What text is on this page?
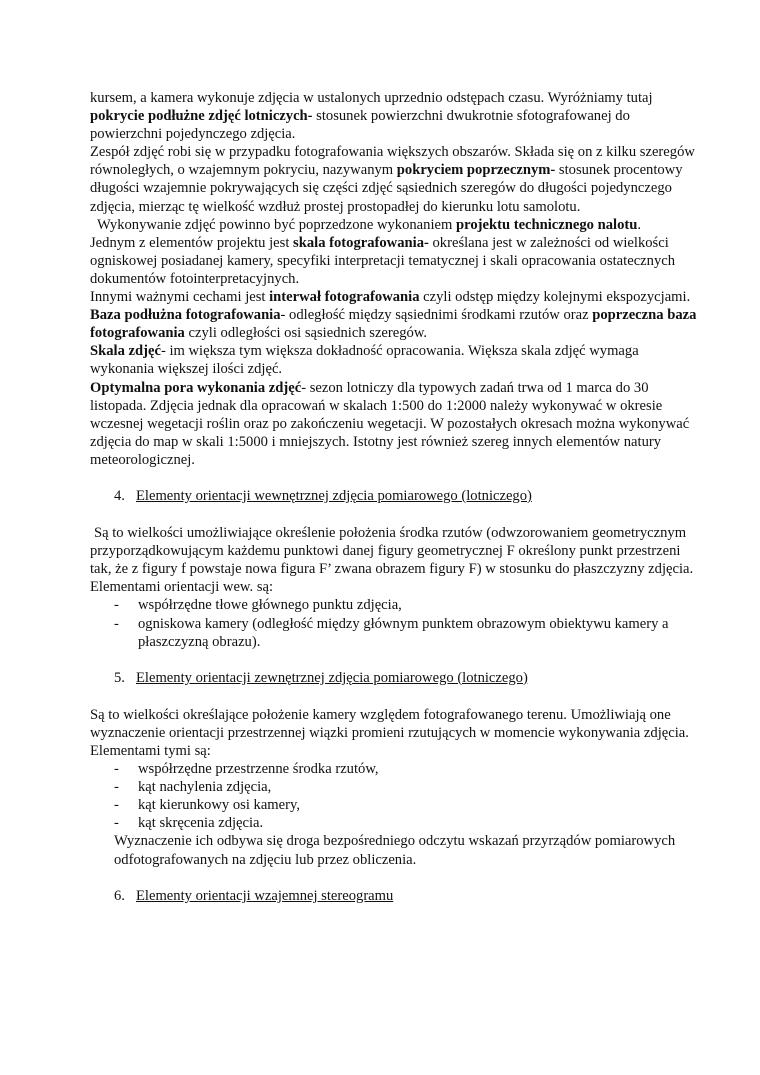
kursem, a kamera wykonuje zdjęcia w ustalonych uprzednio odstępach czasu. Wyróżniamy tutaj pokrycie podłużne zdjęć lotniczych- stosunek powierzchni dwukrotnie sfotografowanej do powierzchni pojedynczego zdjęcia.

Zespół zdjęć robi się w przypadku fotografowania większych obszarów. Składa się on z kilku szeregów równoległych, o wzajemnym pokryciu, nazywanym pokryciem poprzecznym- stosunek procentowy długości wzajemnie pokrywających się części zdjęć sąsiednich szeregów do długości pojedynczego zdjęcia, mierząc tę wielkość wzdłuż prostej prostopadłej do kierunku lotu samolotu.

Wykonywanie zdjęć powinno być poprzedzone wykonaniem projektu technicznego nalotu.

Jednym z elementów projektu jest skala fotografowania- określana jest w zależności od wielkości ogniskowej posiadanej kamery, specyfiki interpretacji tematycznej i skali opracowania ostatecznych dokumentów fotointerpretacyjnych.

Innymi ważnymi cechami jest interwał fotografowania czyli odstęp między kolejnymi ekspozycjami. Baza podłużna fotografowania- odległość między sąsiednimi środkami rzutów oraz poprzeczna baza fotografowania czyli odległości osi sąsiednich szeregów.

Skala zdjęć- im większa tym większa dokładność opracowania. Większa skala zdjęć wymaga wykonania większej ilości zdjęć.

Optymalna pora wykonania zdjęć- sezon lotniczy dla typowych zadań trwa od 1 marca do 30 listopada. Zdjęcia jednak dla opracowań w skalach 1:500 do 1:2000 należy wykonywać w okresie wczesnej wegetacji roślin oraz po zakończeniu wegetacji. W pozostałych okresach można wykonywać zdjęcia do map w skali 1:5000 i mniejszych. Istotny jest również szereg innych elementów natury meteorologicznej.

4. Elementy orientacji wewnętrznej zdjęcia pomiarowego (lotniczego)

Są to wielkości umożliwiające określenie położenia środka rzutów (odwzorowaniem geometrycznym przyporządkowującym każdemu punktowi danej figury geometrycznej F określony punkt przestrzeni tak, że z figury f powstaje nowa figura F’ zwana obrazem figury F) w stosunku do płaszczyzny zdjęcia.

Elementami orientacji wew. są:

- współrzędne tłowe głównego punktu zdjęcia,
- ogniskowa kamery (odległość między głównym punktem obrazowym obiektywu kamery a płaszczyzną obrazu).

5. Elementy orientacji zewnętrznej zdjęcia pomiarowego (lotniczego)

Są to wielkości określające położenie kamery względem fotografowanego terenu. Umożliwiają one wyznaczenie orientacji przestrzennej wiązki promieni rzutujących w momencie wykonywania zdjęcia.

Elementami tymi są:

- współrzędne przestrzenne środka rzutów,
- kąt nachylenia zdjęcia,
- kąt kierunkowy osi kamery,
- kąt skręcenia zdjęcia.

Wyznaczenie ich odbywa się droga bezpośredniego odczytu wskazań przyrządów pomiarowych odfotografowanych na zdjęciu lub przez obliczenia.

6. Elementy orientacji wzajemnej stereogramu
